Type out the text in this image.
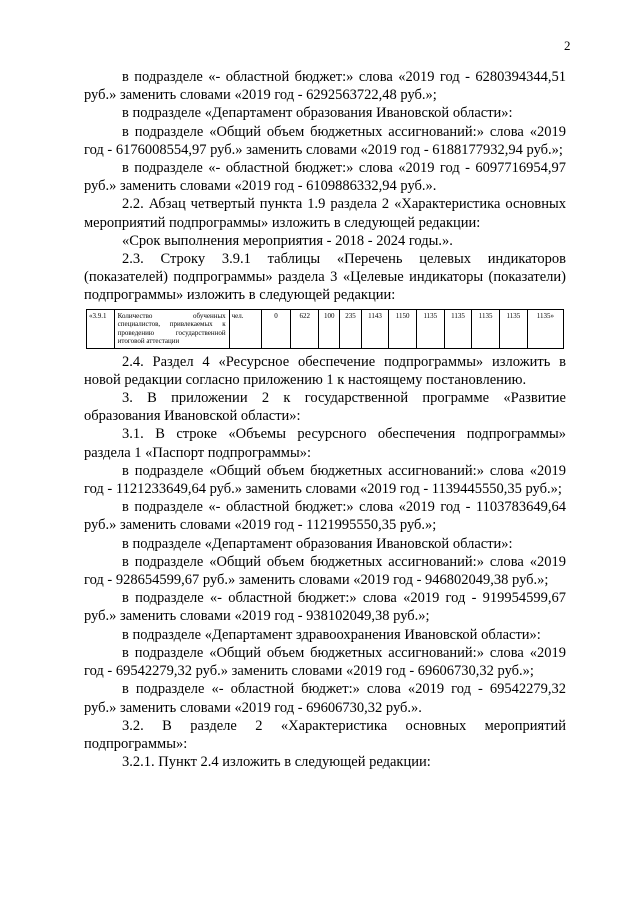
2

в подразделе «- областной бюджет:» слова «2019 год - 6280394344,51 руб.» заменить словами «2019 год - 6292563722,48 руб.»;

в подразделе «Департамент образования Ивановской области»:

в подразделе «Общий объем бюджетных ассигнований:» слова «2019 год - 6176008554,97 руб.» заменить словами «2019 год - 6188177932,94 руб.»;

в подразделе «- областной бюджет:» слова «2019 год - 6097716954,97 руб.» заменить словами «2019 год - 6109886332,94 руб.».

2.2. Абзац четвертый пункта 1.9 раздела 2 «Характеристика основных мероприятий подпрограммы» изложить в следующей редакции:

«Срок выполнения мероприятия - 2018 - 2024 годы.».

2.3. Строку 3.9.1 таблицы «Перечень целевых индикаторов (показателей) подпрограммы» раздела 3 «Целевые индикаторы (показатели) подпрограммы» изложить в следующей редакции:

«3.9.1	Количество обученных специалистов, привлекаемых к проведению государственной итоговой аттестации	чел.	0	622	100	235	1143	1150	1135	1135	1135	1135	1135»

2.4. Раздел 4 «Ресурсное обеспечение подпрограммы» изложить в новой редакции согласно приложению 1 к настоящему постановлению.

3. В приложении 2 к государственной программе «Развитие образования Ивановской области»:

3.1. В строке «Объемы ресурсного обеспечения подпрограммы» раздела 1 «Паспорт подпрограммы»:

в подразделе «Общий объем бюджетных ассигнований:» слова «2019 год - 1121233649,64 руб.» заменить словами «2019 год - 1139445550,35 руб.»;

в подразделе «- областной бюджет:» слова «2019 год - 1103783649,64 руб.» заменить словами «2019 год - 1121995550,35 руб.»;

в подразделе «Департамент образования Ивановской области»:

в подразделе «Общий объем бюджетных ассигнований:» слова «2019 год - 928654599,67 руб.» заменить словами «2019 год - 946802049,38 руб.»;

в подразделе «- областной бюджет:» слова «2019 год - 919954599,67 руб.» заменить словами «2019 год - 938102049,38 руб.»;

в подразделе «Департамент здравоохранения Ивановской области»:

в подразделе «Общий объем бюджетных ассигнований:» слова «2019 год - 69542279,32 руб.» заменить словами «2019 год - 69606730,32 руб.»;

в подразделе «- областной бюджет:» слова «2019 год - 69542279,32 руб.» заменить словами «2019 год - 69606730,32 руб.».

3.2. В разделе 2 «Характеристика основных мероприятий подпрограммы»:

3.2.1. Пункт 2.4 изложить в следующей редакции:
